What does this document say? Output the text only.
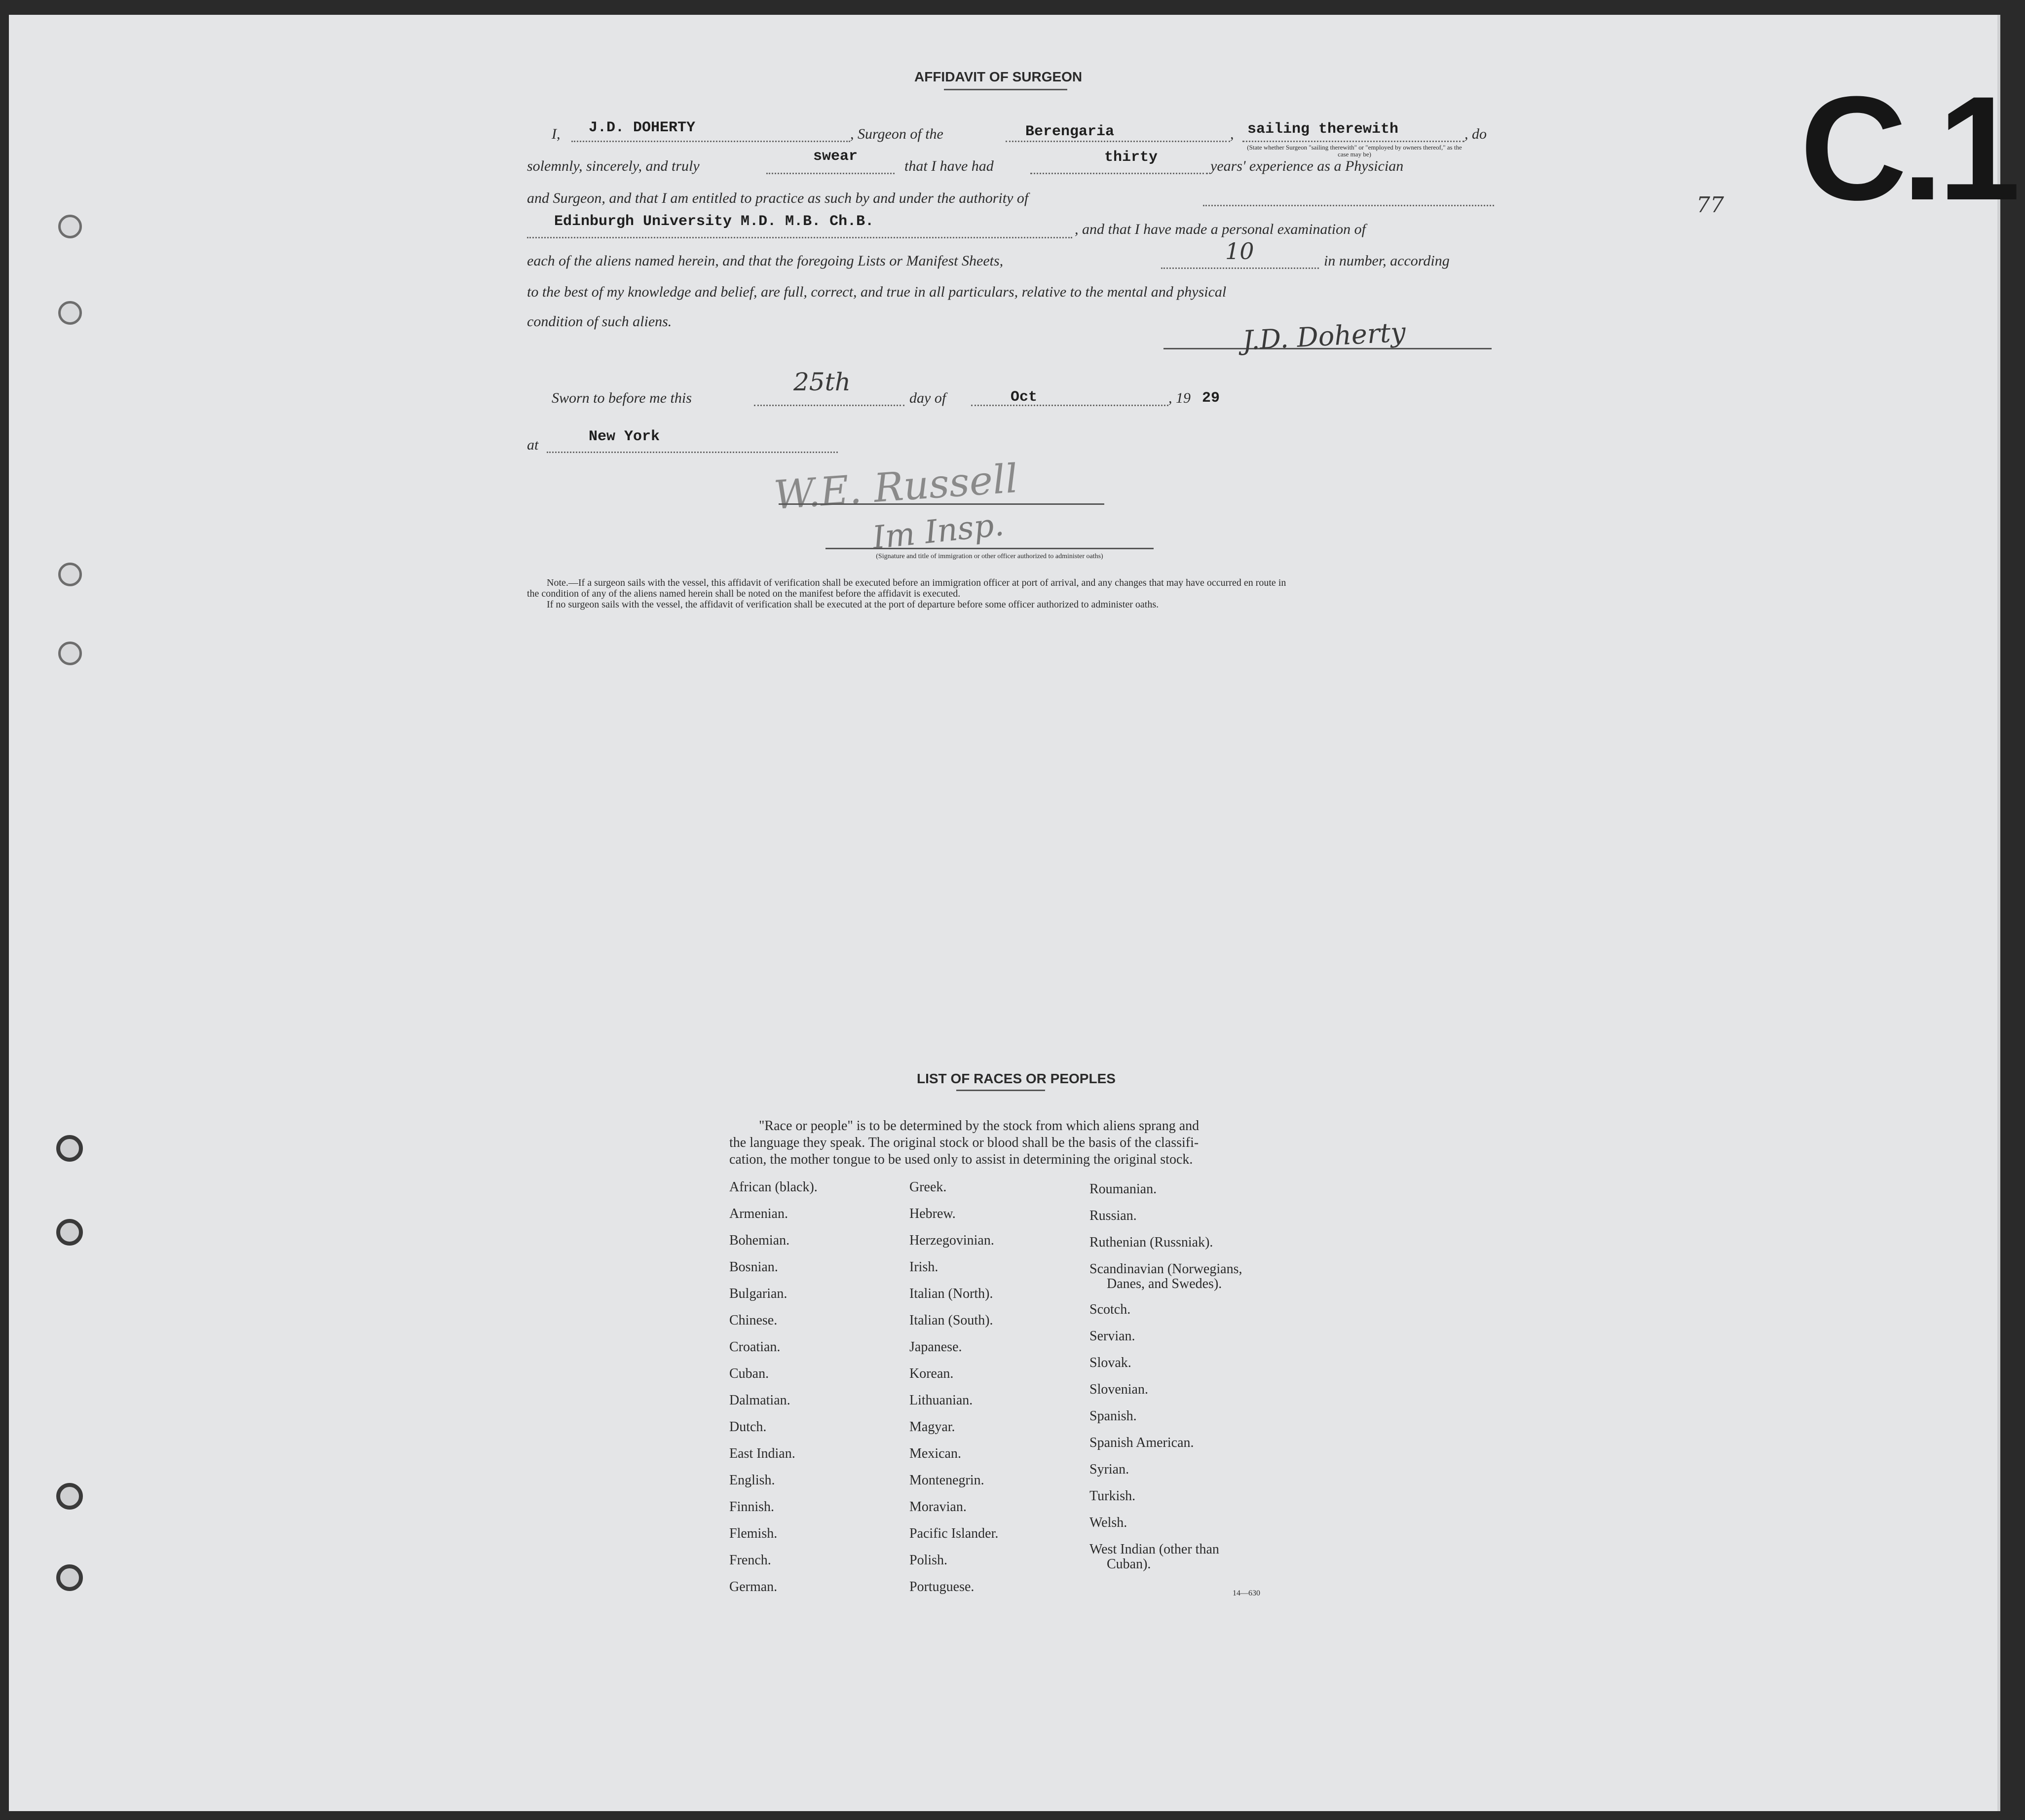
C.1
77
AFFIDAVIT OF SURGEON
I, J.D. DOHERTY	, Surgeon of the	Berengaria	, sailing therewith
(State whether Surgeon "sailing therewith" or "employed by owners thereof," as the case may be)
, do
solemnly, sincerely, and truly
swear
that I have had
thirty
years' experience as a Physician
and Surgeon, and that I am entitled to practice as such by and under the authority of
Edinburgh University M.D. M.B. Ch.B.	, and that I have made a personal examination of
each of the aliens named herein, and that the foregoing Lists or Manifest Sheets,	10	in number, according
to the best of my knowledge and belief, are full, correct, and true in all particulars, relative to the mental and physical
condition of such aliens.	J.D. Doherty
Sworn to before me this
25th
day of	Oct	, 19 29
at	New York
W.E. Russell
Im Insp.
(Signature and title of immigration or other officer authorized to administer oaths)
Note.—If a surgeon sails with the vessel, this affidavit of verification shall be executed before an immigration officer at port of arrival, and any changes that may have occurred en route in
the condition of any of the aliens named herein shall be noted on the manifest before the affidavit is executed.
If no surgeon sails with the vessel, the affidavit of verification shall be executed at the port of departure before some officer authorized to administer oaths.
LIST OF RACES OR PEOPLES
"Race or people" is to be determined by the stock from which aliens sprang and
the language they speak. The original stock or blood shall be the basis of the classifi-
cation, the mother tongue to be used only to assist in determining the original stock.
African (black).
Armenian.
Bohemian.
Bosnian.
Bulgarian.
Chinese.
Croatian.
Cuban.
Dalmatian.
Dutch.
East Indian.
English.
Finnish.
Flemish.
French.
German.
Greek.
Hebrew.
Herzegovinian.
Irish.
Italian (North).
Italian (South).
Japanese.
Korean.
Lithuanian.
Magyar.
Mexican.
Montenegrin.
Moravian.
Pacific Islander.
Polish.
Portuguese.
Roumanian.
Russian.
Ruthenian (Russniak).
Scandinavian (Norwegians,
Danes, and Swedes).
Scotch.
Servian.
Slovak.
Slovenian.
Spanish.
Spanish American.
Syrian.
Turkish.
Welsh.
West Indian (other than
Cuban).
14—630
